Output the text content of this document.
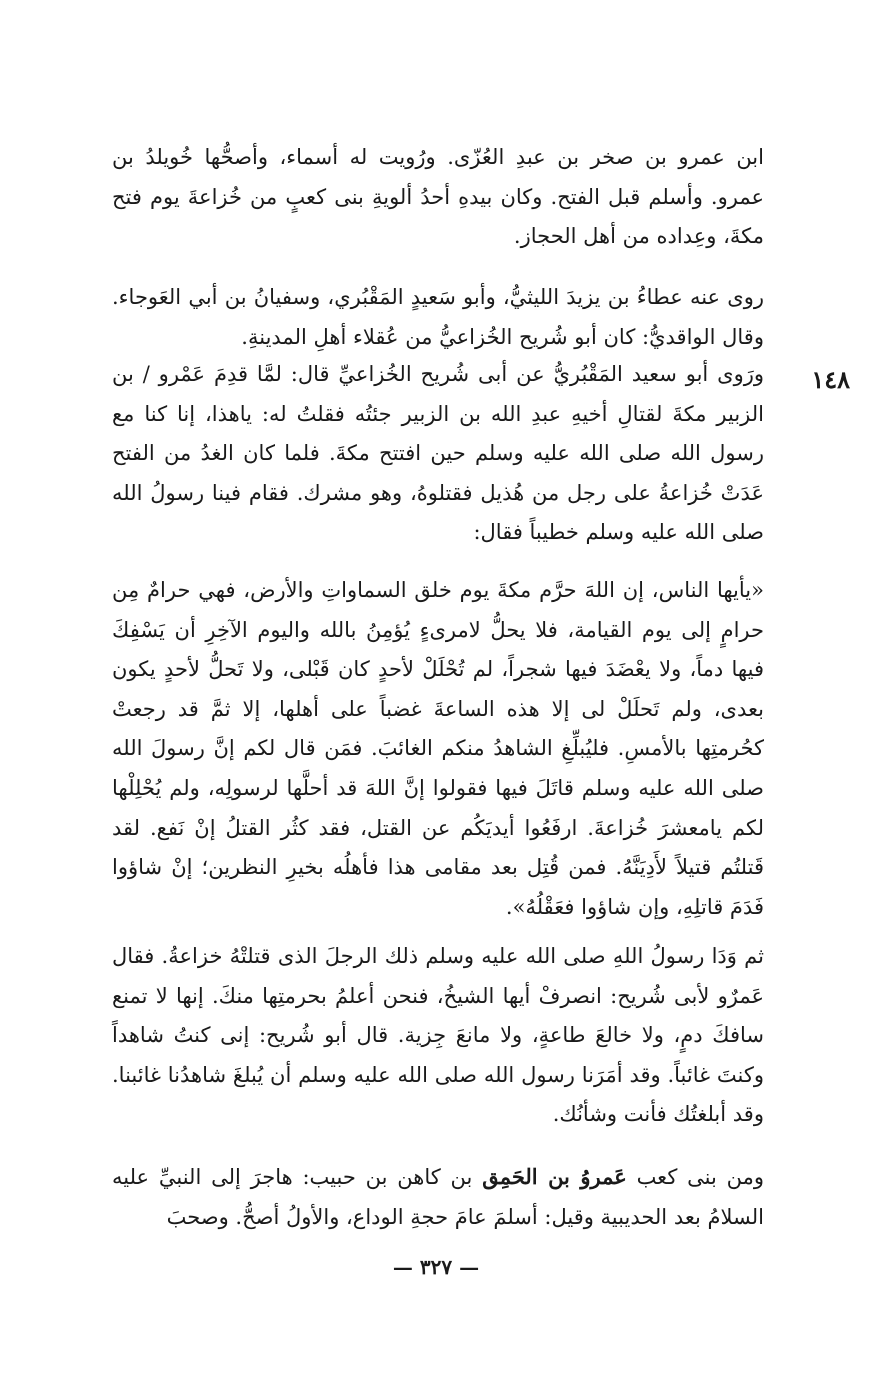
ابن عمرو بن صخر بن عبدِ العُزّى. ورُويت له أسماء، وأصحُّها خُويلدُ بن عمرو. وأسلم قبل الفتح. وكان بيدهِ أحدُ ألويةِ بنى كعبٍ من خُزاعةَ يوم فتح مكةَ، وعِداده من أهل الحجاز.

روى عنه عطاءُ بن يزيدَ الليثيُّ، وأبو سَعيدٍ المَقْبُري، وسفيانُ بن أبي العَوجاء. وقال الواقديُّ: كان أبو شُريح الخُزاعيُّ من عُقلاء أهلِ المدينةِ.

١٤٨

ورَوى أبو سعيد المَقْبُريُّ عن أبى شُريح الخُزاعيِّ قال: لمَّا قدِمَ عَمْرو / بن الزبير مكةَ لقتالِ أخيهِ عبدِ الله بن الزبير جئتُه فقلتُ له: ياهذا، إنا كنا مع رسول الله صلى الله عليه وسلم حين افتتح مكةَ. فلما كان الغدُ من الفتح عَدَتْ خُزاعةُ على رجل من هُذيل فقتلوهُ، وهو مشرك. فقام فينا رسولُ الله صلى الله عليه وسلم خطيباً فقال:

«يأيها الناس، إن اللهَ حرَّم مكةَ يوم خلق السماواتِ والأرض، فهي حرامٌ مِن حرامٍ إلى يوم القيامة، فلا يحلُّ لامرىءٍ يُؤمِنُ بالله واليوم الآخِرِ أن يَسْفِكَ فيها دماً، ولا يعْضَدَ فيها شجراً، لم تُحْلَلْ لأحدٍ كان قَبْلى، ولا تَحلُّ لأحدٍ يكون بعدى، ولم تَحلَلْ لى إلا هذه الساعةَ غضباً على أهلها، إلا ثمَّ قد رجعتْ كحُرمتِها بالأمسِ. فليُبلِّغِ الشاهدُ منكم الغائبَ. فمَن قال لكم إنَّ رسولَ الله صلى الله عليه وسلم قاتَلَ فيها فقولوا إنَّ اللهَ قد أحلَّها لرسولِه، ولم يُحْلِلْها لكم يامعشرَ خُزاعةَ. ارفَعُوا أيديَكُم عن القتل، فقد كثُر القتلُ إنْ نَفع. لقد قَتلتُم قتيلاً لأَدِيَنَّهُ. فمن قُتِل بعد مقامى هذا فأهلُه بخيرِ النظرين؛ إنْ شاؤوا فَدَمَ قاتلِهِ، وإن شاؤوا فعَقْلُهُ».

ثم وَدَا رسولُ اللهِ صلى الله عليه وسلم ذلك الرجلَ الذى قتلتْهُ خزاعةُ. فقال عَمرٌو لأبى شُريح: انصرفْ أيها الشيخُ، فنحن أعلمُ بحرمتِها منكَ. إنها لا تمنع سافكَ دمٍ، ولا خالعَ طاعةٍ، ولا مانعَ جِزية. قال أبو شُريح: إنى كنتُ شاهداً وكنتَ غائباً. وقد أمَرَنا رسول الله صلى الله عليه وسلم أن يُبلغَ شاهدُنا غائبنا. وقد أبلغتُك فأنت وشأنُك.

ومن بنى كعب عَمروُ بن الحَمِق بن كاهن بن حبيب: هاجرَ إلى النبيِّ عليه السلامُ بعد الحديبية وقيل: أسلمَ عامَ حجةِ الوداع، والأولُ أصحُّ. وصحبَ

— ٣٢٧ —
